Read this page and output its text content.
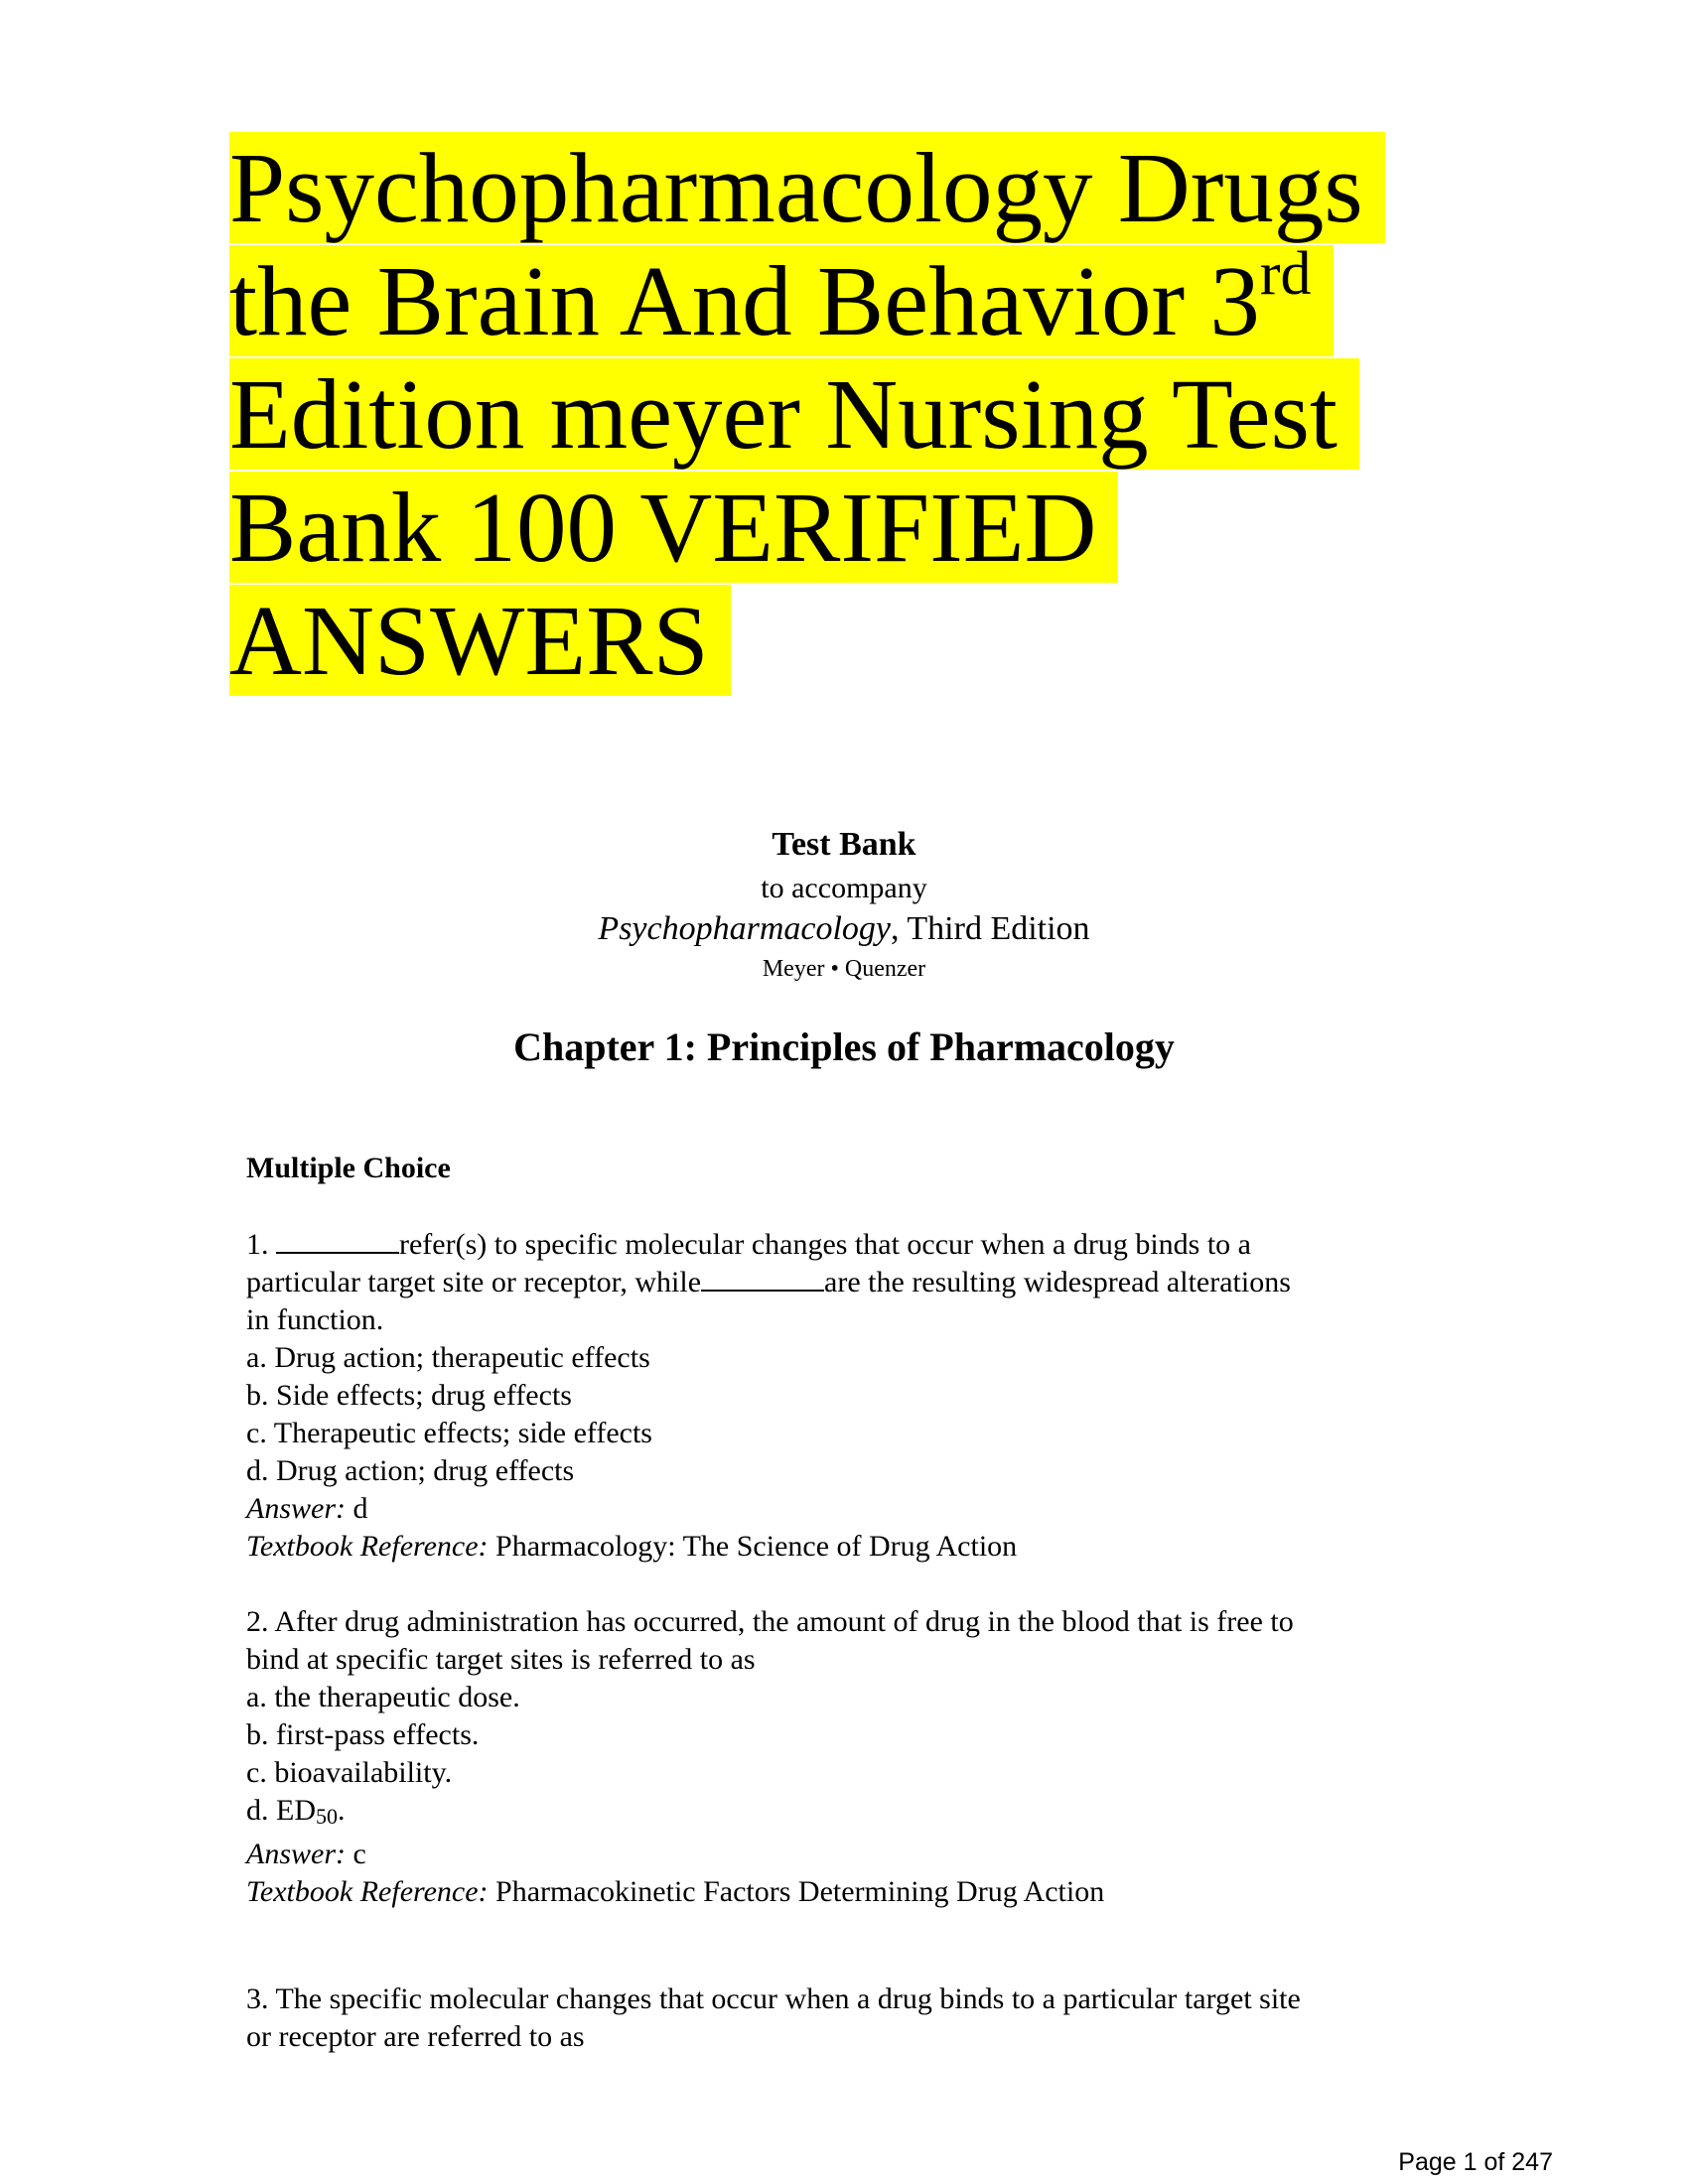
Psychopharmacology Drugs
the Brain And Behavior 3rd
Edition meyer Nursing Test
Bank 100 VERIFIED
ANSWERS
Test Bank
to accompany
Psychopharmacology, Third Edition
Meyer • Quenzer
Chapter 1: Principles of Pharmacology
Multiple Choice
1.	refer(s) to specific molecular changes that occur when a drug binds to a
particular target site or receptor, while	are the resulting widespread alterations
in function.
a. Drug action; therapeutic effects
b. Side effects; drug effects
c. Therapeutic effects; side effects
d. Drug action; drug effects
Answer: d
Textbook Reference: Pharmacology: The Science of Drug Action
2. After drug administration has occurred, the amount of drug in the blood that is free to
bind at specific target sites is referred to as
a. the therapeutic dose.
b. first-pass effects.
c. bioavailability.
d. ED50.
Answer: c
Textbook Reference: Pharmacokinetic Factors Determining Drug Action
3. The specific molecular changes that occur when a drug binds to a particular target site
or receptor are referred to as
Page 1 of 247
